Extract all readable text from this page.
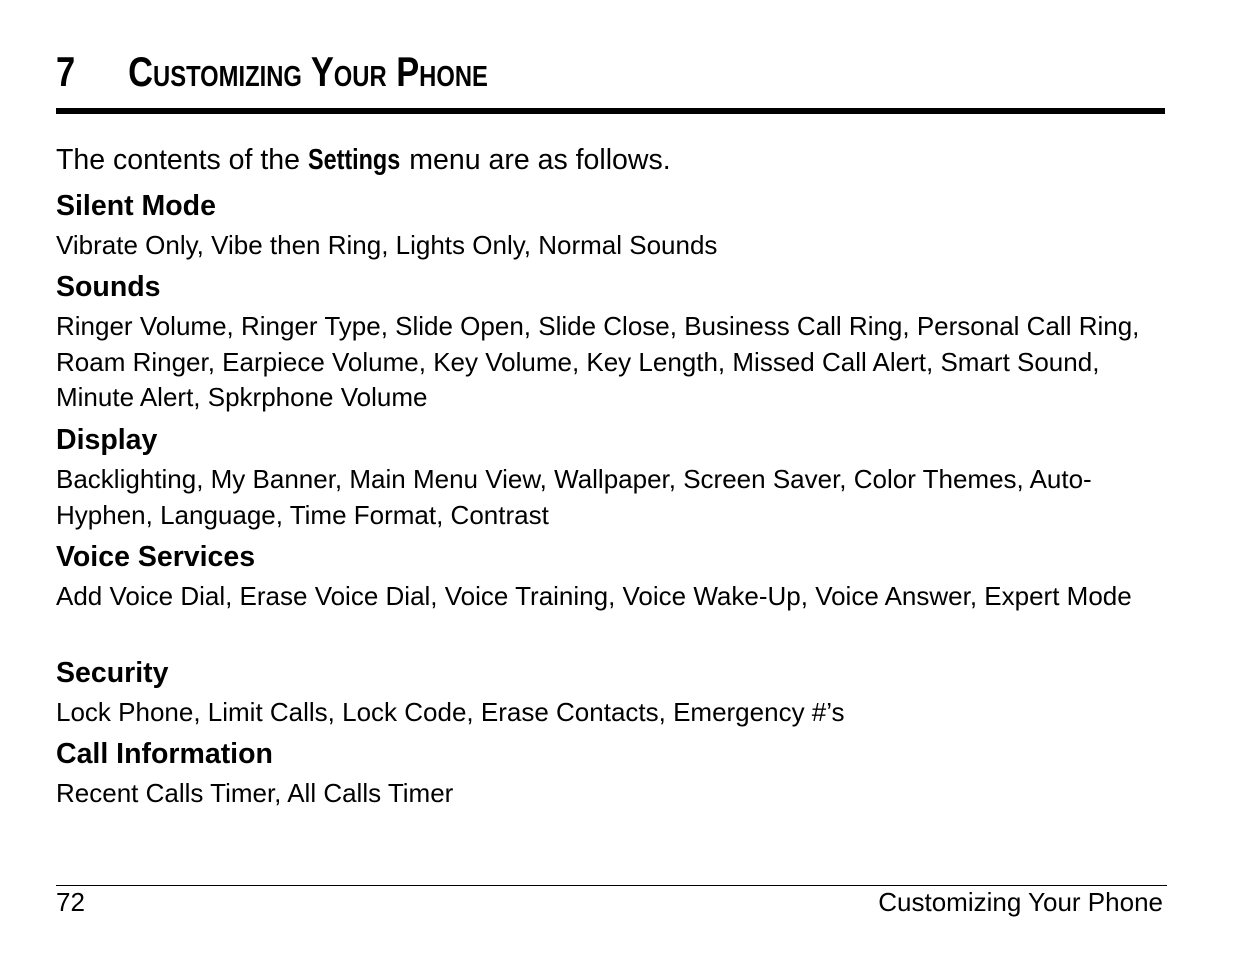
7 Customizing Your Phone

The contents of the Settings menu are as follows.

Silent Mode

Vibrate Only, Vibe then Ring, Lights Only, Normal Sounds

Sounds

Ringer Volume, Ringer Type, Slide Open, Slide Close, Business Call Ring, Personal Call Ring, Roam Ringer, Earpiece Volume, Key Volume, Key Length, Missed Call Alert, Smart Sound, Minute Alert, Spkrphone Volume

Display

Backlighting, My Banner, Main Menu View, Wallpaper, Screen Saver, Color Themes, Auto-Hyphen, Language, Time Format, Contrast

Voice Services

Add Voice Dial, Erase Voice Dial, Voice Training, Voice Wake-Up, Voice Answer, Expert Mode

Security

Lock Phone, Limit Calls, Lock Code, Erase Contacts, Emergency #’s

Call Information

Recent Calls Timer, All Calls Timer

72	Customizing Your Phone
